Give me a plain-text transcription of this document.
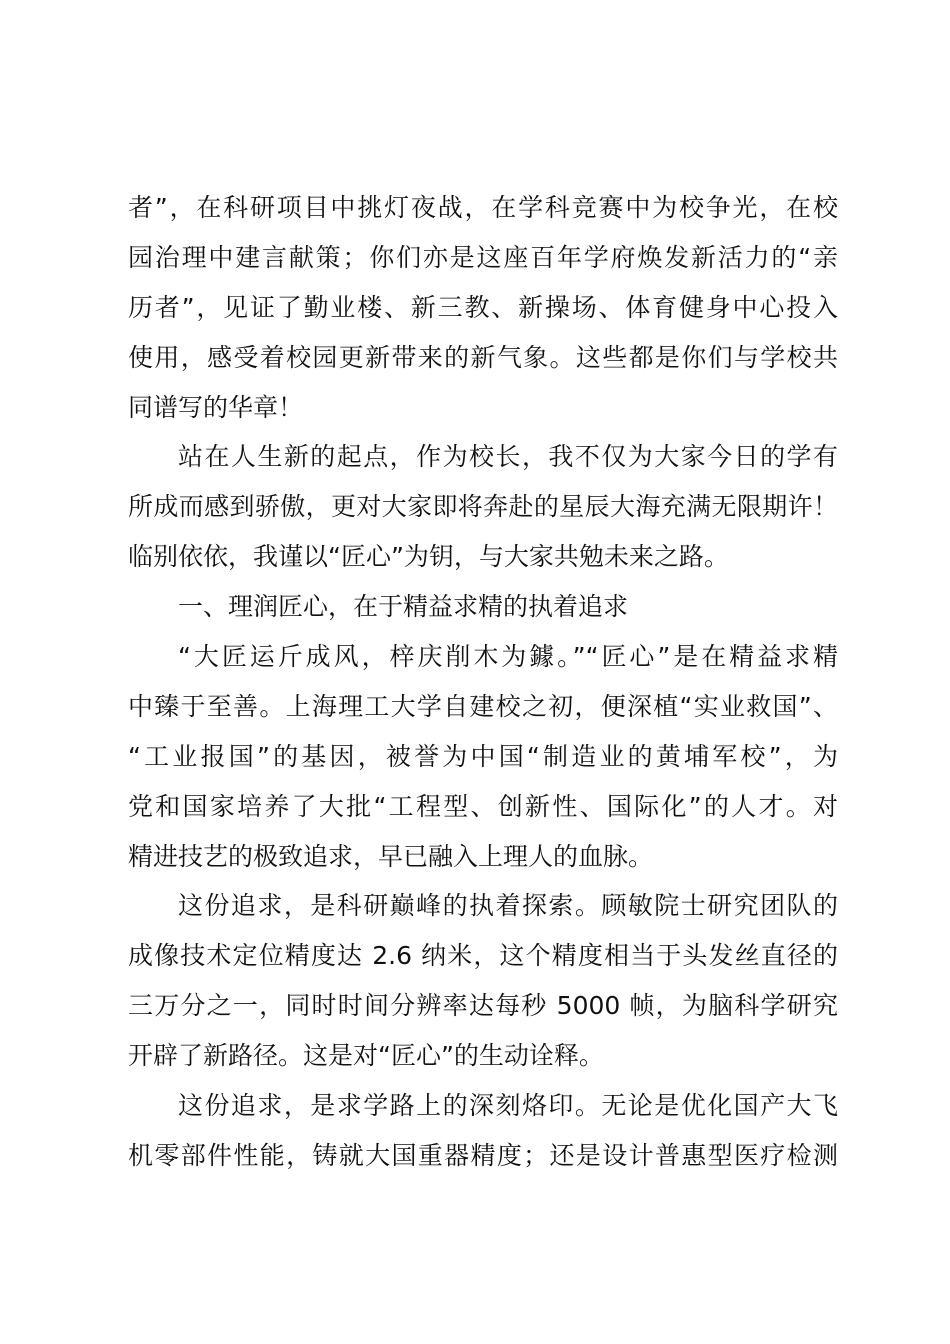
者”，在科研项目中挑灯夜战，在学科竞赛中为校争光，在校
园治理中建言献策；你们亦是这座百年学府焕发新活力的“亲
历者”，见证了勤业楼、新三教、新操场、体育健身中心投入
使用，感受着校园更新带来的新气象。这些都是你们与学校共
同谱写的华章！
站在人生新的起点，作为校长，我不仅为大家今日的学有
所成而感到骄傲，更对大家即将奔赴的星辰大海充满无限期许！
临别依依，我谨以“匠心”为钥，与大家共勉未来之路。
一、理润匠心，在于精益求精的执着追求
“大匠运斤成风，梓庆削木为鐻。”“匠心”是在精益求精
中臻于至善。上海理工大学自建校之初，便深植“实业救国”、
“工业报国”的基因，被誉为中国“制造业的黄埔军校”，为
党和国家培养了大批“工程型、创新性、国际化”的人才。对
精进技艺的极致追求，早已融入上理人的血脉。
这份追求，是科研巅峰的执着探索。顾敏院士研究团队的
成像技术定位精度达 2.6 纳米，这个精度相当于头发丝直径的
三万分之一，同时时间分辨率达每秒 5000 帧，为脑科学研究
开辟了新路径。这是对“匠心”的生动诠释。
这份追求，是求学路上的深刻烙印。无论是优化国产大飞
机零部件性能，铸就大国重器精度；还是设计普惠型医疗检测
